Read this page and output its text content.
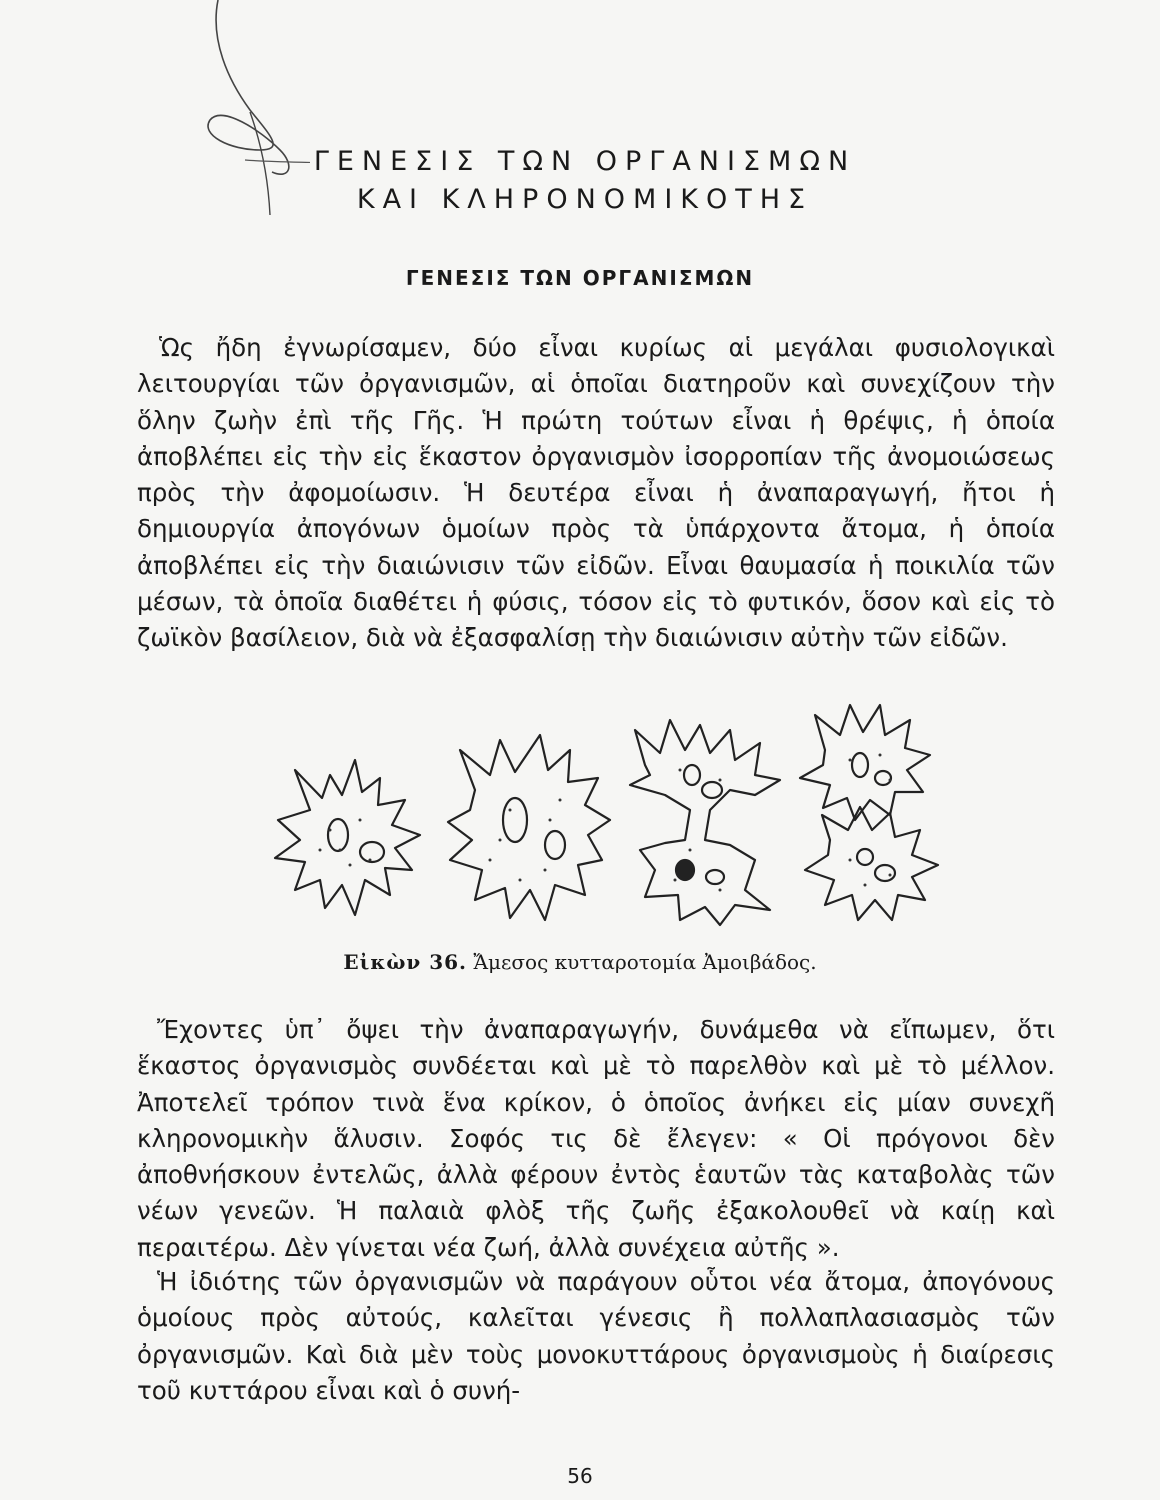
ΓΕΝΕΣΙΣ ΤΩΝ ΟΡΓΑΝΙΣΜΩΝ
ΚΑΙ ΚΛΗΡΟΝΟΜΙΚΟΤΗΣ
ΓΕΝΕΣΙΣ ΤΩΝ ΟΡΓΑΝΙΣΜΩΝ

Ὡς ἤδη ἐγνωρίσαμεν, δύο εἶναι κυρίως αἱ μεγάλαι φυσιολογικαὶ λειτουργίαι τῶν ὀργανισμῶν, αἱ ὁποῖαι διατηροῦν καὶ συνεχίζουν τὴν ὅλην ζωὴν ἐπὶ τῆς Γῆς. Ἡ πρώτη τούτων εἶναι ἡ θρέψις, ἡ ὁποία ἀποβλέπει εἰς τὴν εἰς ἕκαστον ὀργανισμὸν ἰσορροπίαν τῆς ἀνομοιώσεως πρὸς τὴν ἀφομοίωσιν. Ἡ δευτέρα εἶναι ἡ ἀναπαραγωγή, ἤτοι ἡ δημιουργία ἀπογόνων ὁμοίων πρὸς τὰ ὑπάρχοντα ἄτομα, ἡ ὁποία ἀποβλέπει εἰς τὴν διαιώνισιν τῶν εἰδῶν. Εἶναι θαυμασία ἡ ποικιλία τῶν μέσων, τὰ ὁποῖα διαθέτει ἡ φύσις, τόσον εἰς τὸ φυτικόν, ὅσον καὶ εἰς τὸ ζωϊκὸν βασίλειον, διὰ νὰ ἐξασφαλίσῃ τὴν διαιώνισιν αὐτὴν τῶν εἰδῶν.

Εἰκὼν 36. Ἄμεσος κυτταροτομία Ἀμοιβάδος.

Ἔχοντες ὑπ᾿ ὄψει τὴν ἀναπαραγωγήν, δυνάμεθα νὰ εἴπωμεν, ὅτι ἕκαστος ὀργανισμὸς συνδέεται καὶ μὲ τὸ παρελθὸν καὶ μὲ τὸ μέλλον. Ἀποτελεῖ τρόπον τινὰ ἕνα κρίκον, ὁ ὁποῖος ἀνήκει εἰς μίαν συνεχῆ κληρονομικὴν ἅλυσιν. Σοφός τις δὲ ἔλεγεν: « Οἱ πρόγονοι δὲν ἀποθνήσκουν ἐντελῶς, ἀλλὰ φέρουν ἐντὸς ἑαυτῶν τὰς καταβολὰς τῶν νέων γενεῶν. Ἡ παλαιὰ φλὸξ τῆς ζωῆς ἐξακολουθεῖ νὰ καίῃ καὶ περαιτέρω. Δὲν γίνεται νέα ζωή, ἀλλὰ συνέχεια αὐτῆς ».

Ἡ ἰδιότης τῶν ὀργανισμῶν νὰ παράγουν οὗτοι νέα ἄτομα, ἀπογόνους ὁμοίους πρὸς αὐτούς, καλεῖται γένεσις ἢ πολλαπλασιασμὸς τῶν ὀργανισμῶν. Καὶ διὰ μὲν τοὺς μονοκυττάρους ὀργανισμοὺς ἡ διαίρεσις τοῦ κυττάρου εἶναι καὶ ὁ συνή-

56
